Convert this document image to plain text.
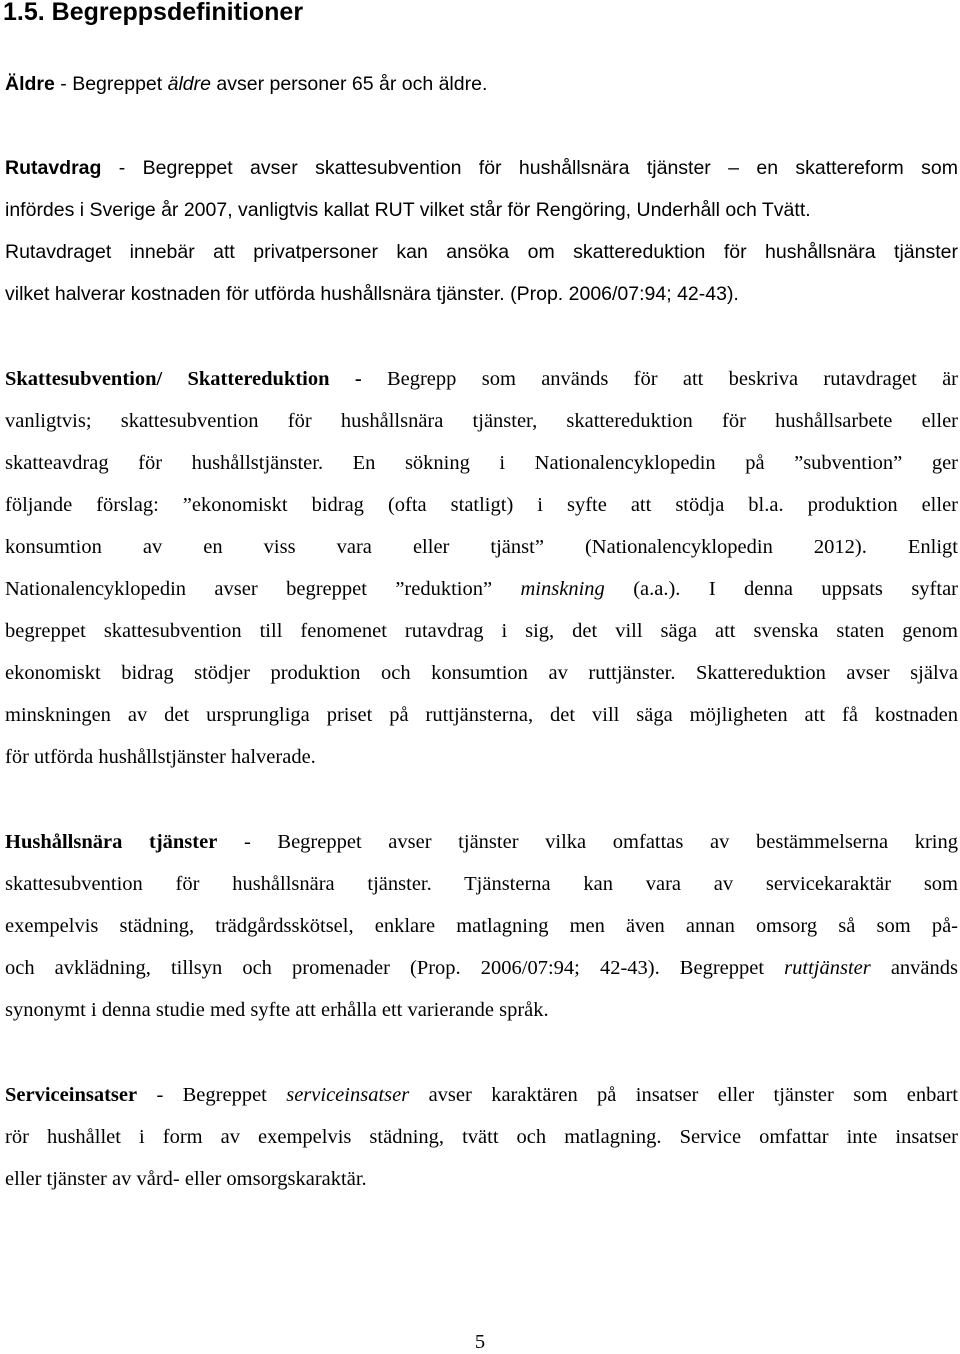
1.5. Begreppsdefinitioner

Äldre - Begreppet äldre avser personer 65 år och äldre.

Rutavdrag - Begreppet avser skattesubvention för hushållsnära tjänster – en skattereform som
infördes i Sverige år 2007, vanligtvis kallat RUT vilket står för Rengöring, Underhåll och Tvätt.
Rutavdraget innebär att privatpersoner kan ansöka om skattereduktion för hushållsnära tjänster
vilket halverar kostnaden för utförda hushållsnära tjänster. (Prop. 2006/07:94; 42-43).

Skattesubvention/ Skattereduktion - Begrepp som används för att beskriva rutavdraget är
vanligtvis; skattesubvention för hushållsnära tjänster, skattereduktion för hushållsarbete eller
skatteavdrag för hushållstjänster. En sökning i Nationalencyklopedin på ”subvention” ger
följande förslag: ”ekonomiskt bidrag (ofta statligt) i syfte att stödja bl.a. produktion eller
konsumtion av en viss vara eller tjänst” (Nationalencyklopedin 2012). Enligt
Nationalencyklopedin avser begreppet ”reduktion” minskning (a.a.). I denna uppsats syftar
begreppet skattesubvention till fenomenet rutavdrag i sig, det vill säga att svenska staten genom
ekonomiskt bidrag stödjer produktion och konsumtion av ruttjänster. Skattereduktion avser själva
minskningen av det ursprungliga priset på ruttjänsterna, det vill säga möjligheten att få kostnaden
för utförda hushållstjänster halverade.

Hushållsnära tjänster - Begreppet avser tjänster vilka omfattas av bestämmelserna kring
skattesubvention för hushållsnära tjänster. Tjänsterna kan vara av servicekaraktär som
exempelvis städning, trädgårdsskötsel, enklare matlagning men även annan omsorg så som på-
och avklädning, tillsyn och promenader (Prop. 2006/07:94; 42-43). Begreppet ruttjänster används
synonymt i denna studie med syfte att erhålla ett varierande språk.

Serviceinsatser - Begreppet serviceinsatser avser karaktären på insatser eller tjänster som enbart
rör hushållet i form av exempelvis städning, tvätt och matlagning. Service omfattar inte insatser
eller tjänster av vård- eller omsorgskaraktär.

5
